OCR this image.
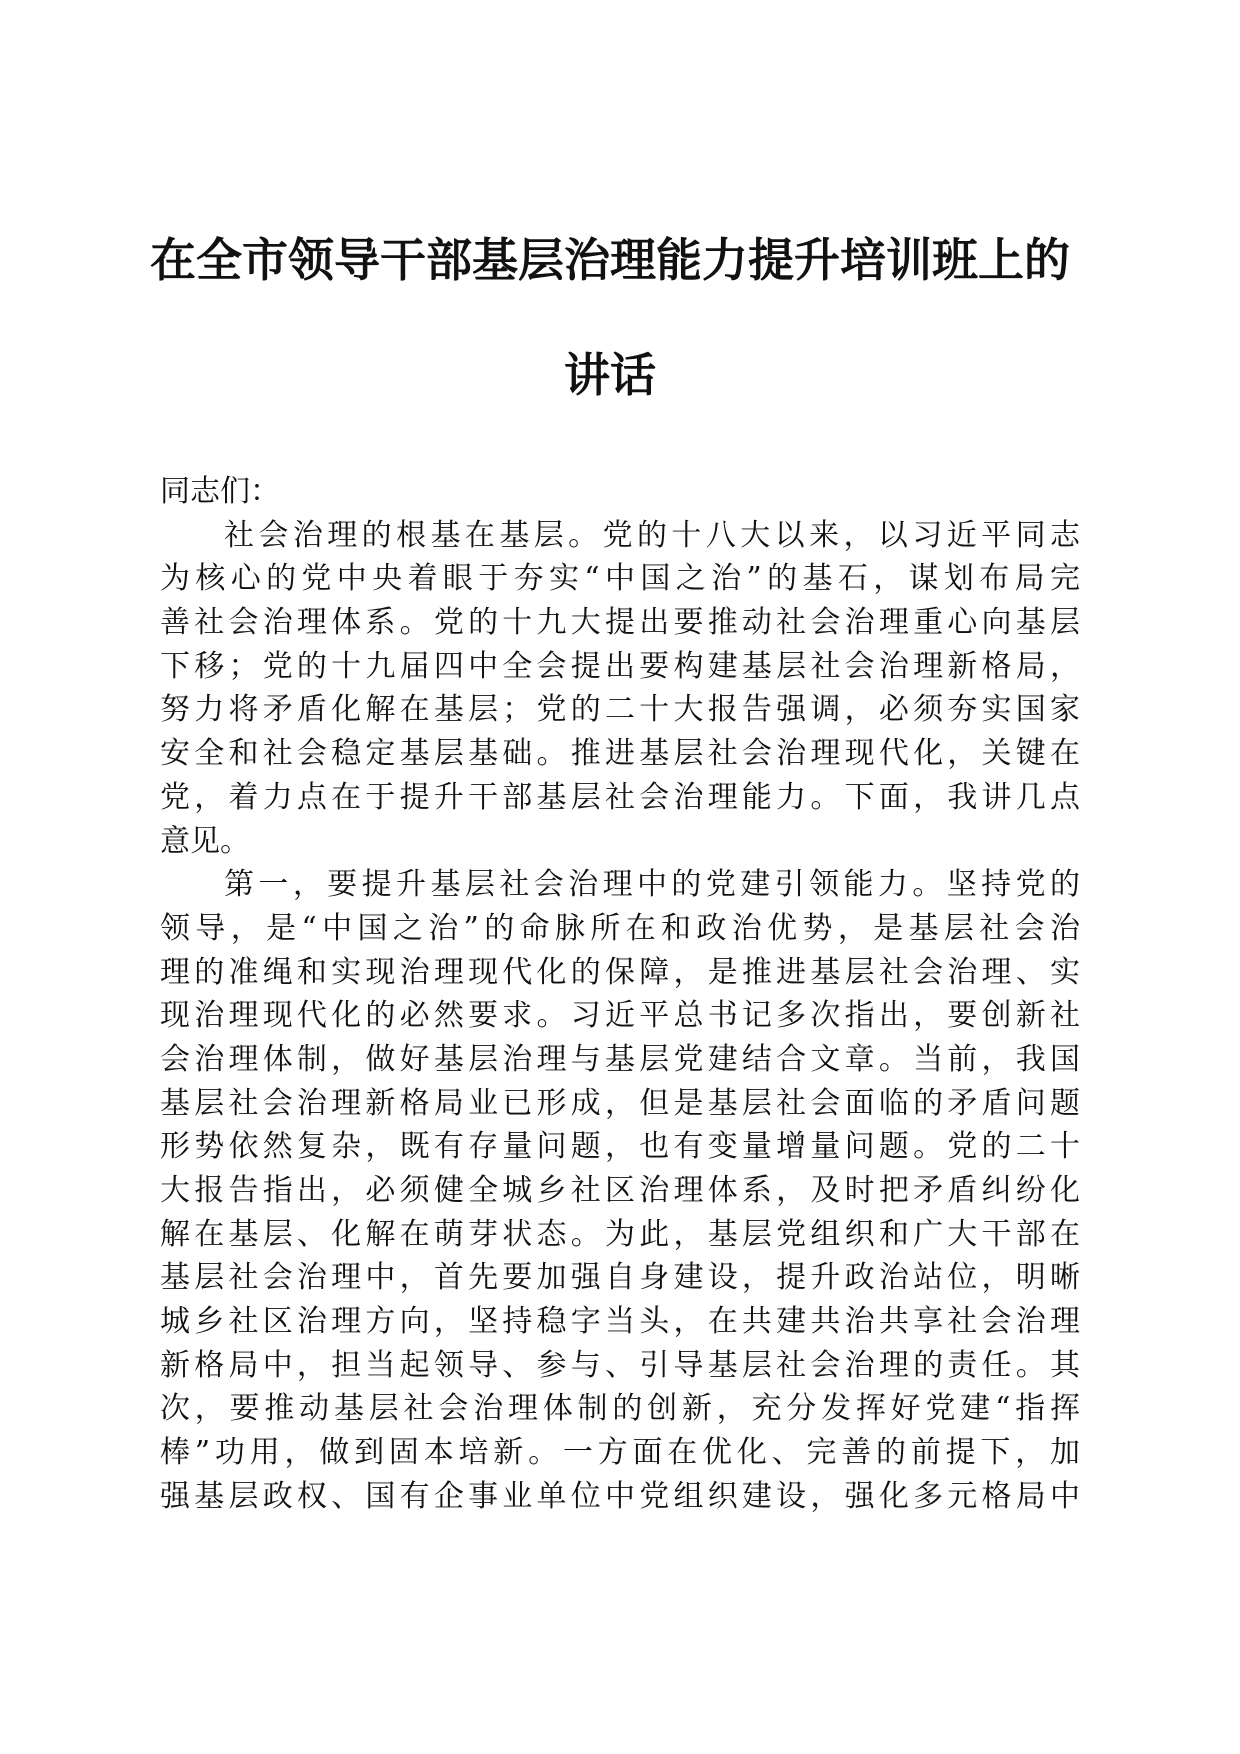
在全市领导干部基层治理能力提升培训班上的
讲话
同志们：
社会治理的根基在基层。党的十八大以来，以习近平同志
为核心的党中央着眼于夯实“中国之治”的基石，谋划布局完
善社会治理体系。党的十九大提出要推动社会治理重心向基层
下移；党的十九届四中全会提出要构建基层社会治理新格局，
努力将矛盾化解在基层；党的二十大报告强调，必须夯实国家
安全和社会稳定基层基础。推进基层社会治理现代化，关键在
党，着力点在于提升干部基层社会治理能力。下面，我讲几点
意见。
第一，要提升基层社会治理中的党建引领能力。坚持党的
领导，是“中国之治”的命脉所在和政治优势，是基层社会治
理的准绳和实现治理现代化的保障，是推进基层社会治理、实
现治理现代化的必然要求。习近平总书记多次指出，要创新社
会治理体制，做好基层治理与基层党建结合文章。当前，我国
基层社会治理新格局业已形成，但是基层社会面临的矛盾问题
形势依然复杂，既有存量问题，也有变量增量问题。党的二十
大报告指出，必须健全城乡社区治理体系，及时把矛盾纠纷化
解在基层、化解在萌芽状态。为此，基层党组织和广大干部在
基层社会治理中，首先要加强自身建设，提升政治站位，明晰
城乡社区治理方向，坚持稳字当头，在共建共治共享社会治理
新格局中，担当起领导、参与、引导基层社会治理的责任。其
次，要推动基层社会治理体制的创新，充分发挥好党建“指挥
棒”功用，做到固本培新。一方面在优化、完善的前提下，加
强基层政权、国有企事业单位中党组织建设，强化多元格局中
